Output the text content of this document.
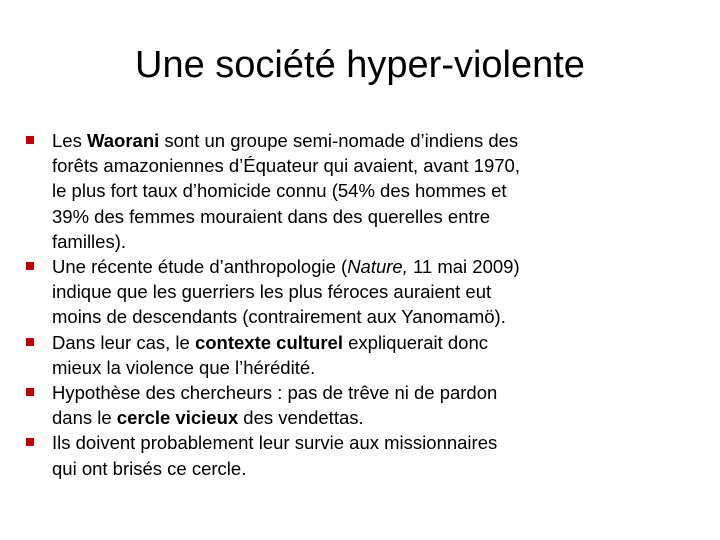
Une société hyper-violente
Les Waorani sont un groupe semi-nomade d’indiens des forêts amazoniennes d’Équateur qui avaient, avant 1970, le plus fort taux d’homicide connu (54% des hommes et 39% des femmes mouraient dans des querelles entre familles).
Une récente étude d’anthropologie (Nature, 11 mai 2009) indique que les guerriers les plus féroces auraient eut moins de descendants (contrairement aux Yanomamö).
Dans leur cas, le contexte culturel expliquerait donc mieux la violence que l’hérédité.
Hypothèse des chercheurs : pas de trêve ni de pardon dans le cercle vicieux des vendettas.
Ils doivent probablement leur survie aux missionnaires qui ont brisés ce cercle.
